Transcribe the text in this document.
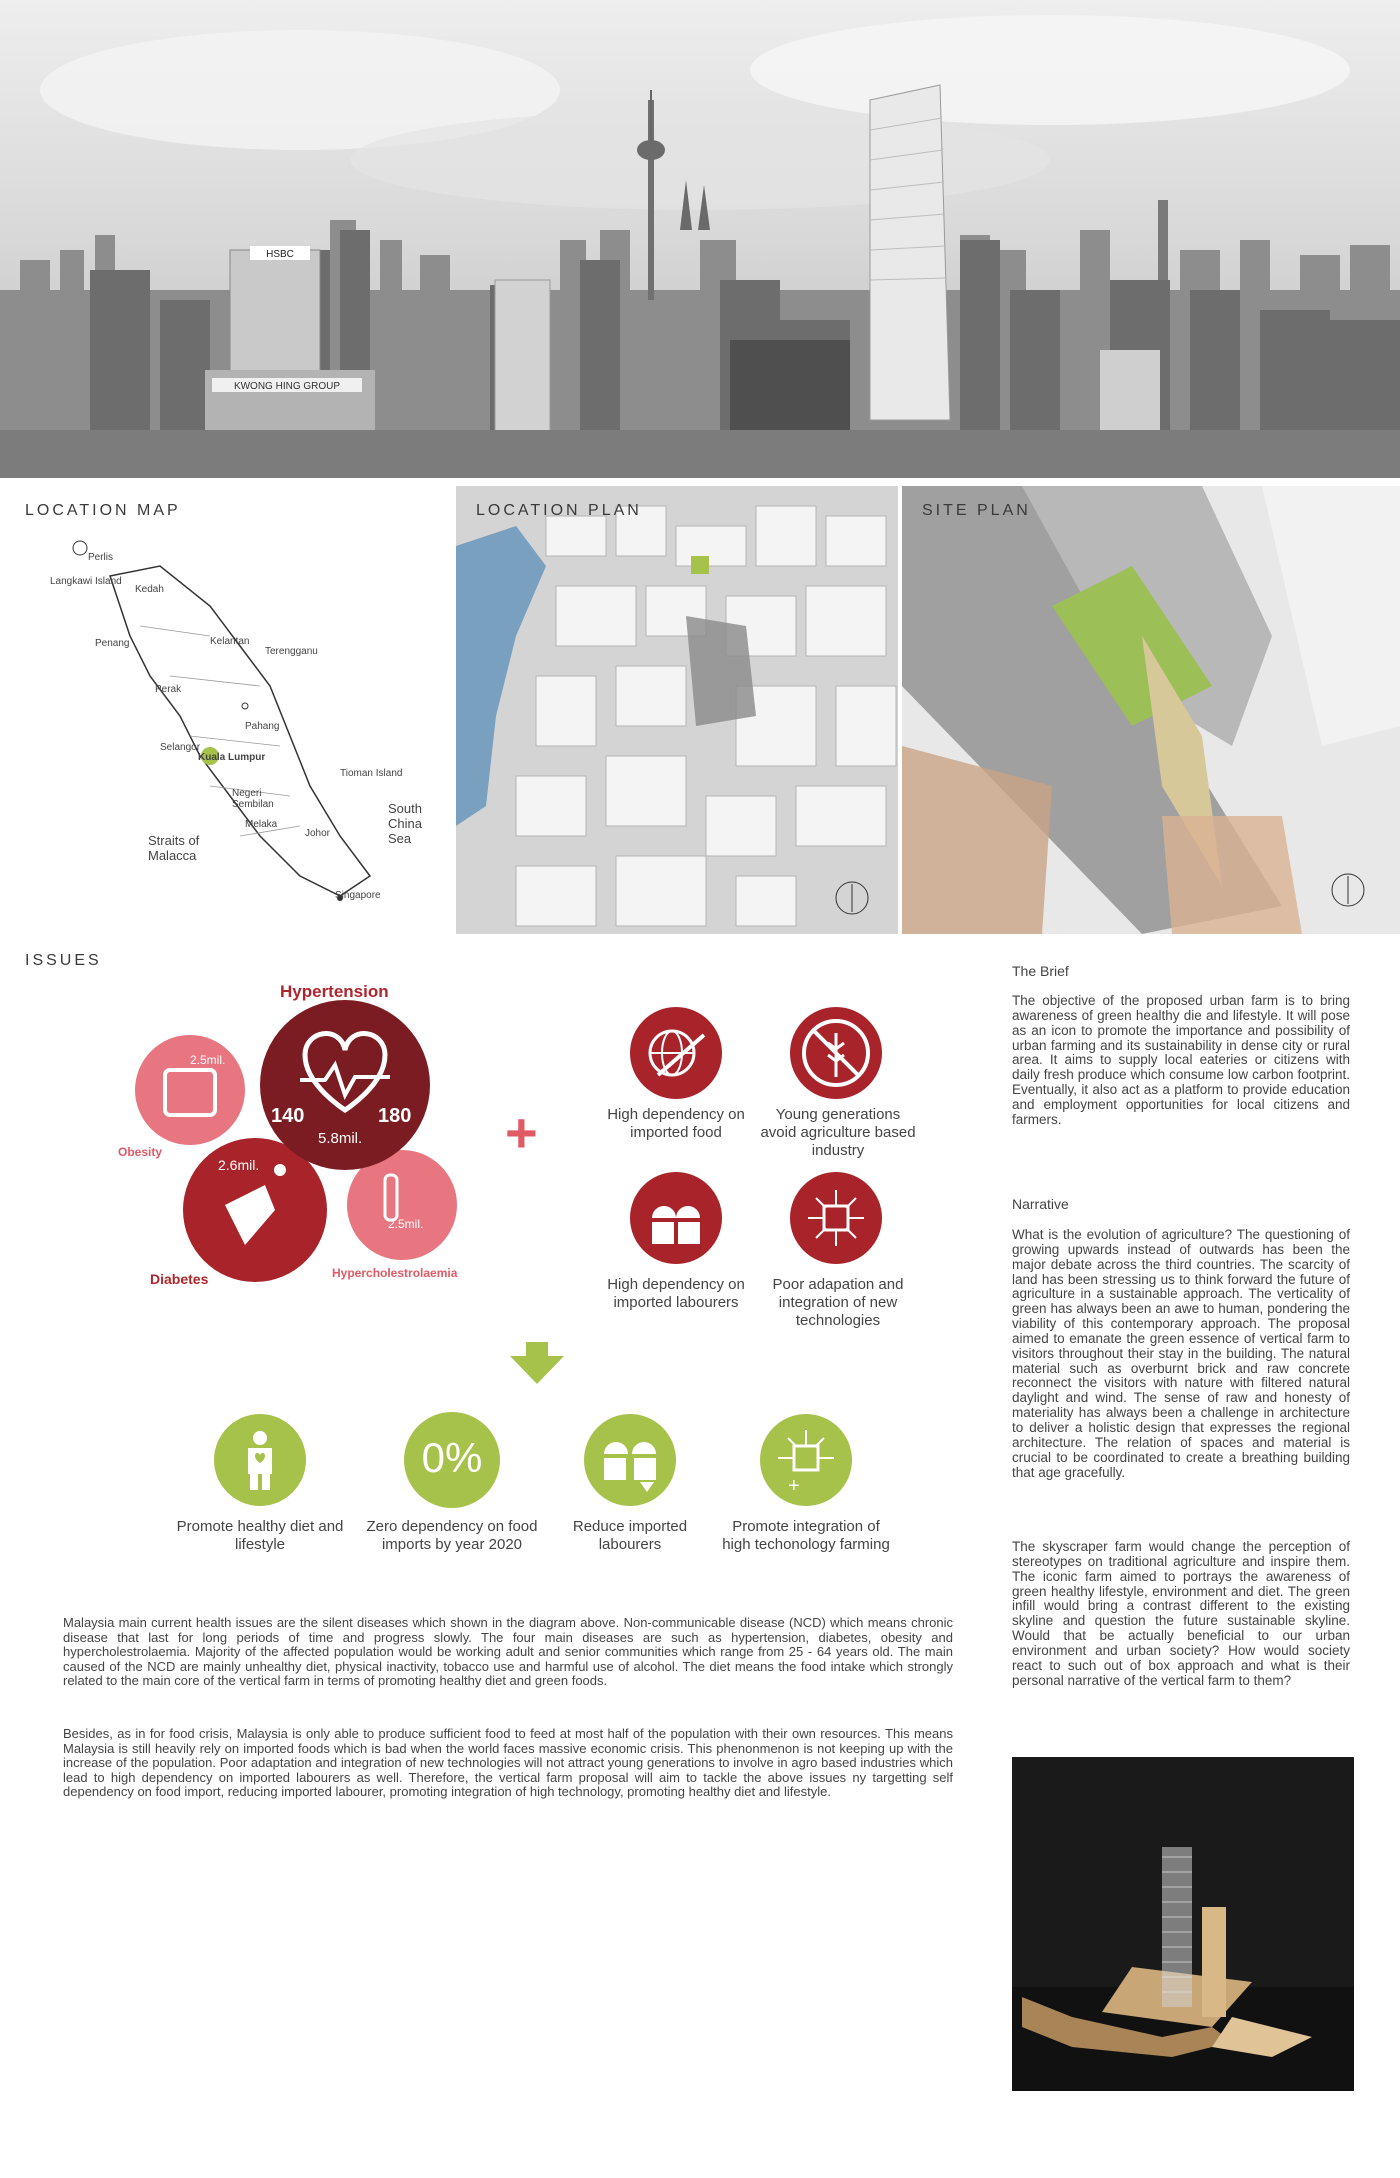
HSBC
KWONG HING GROUP
LOCATION MAP
Langkawi Island
Perlis
Kedah
Penang	Kelantan
Terengganu
Perak
Pahang
Selangor
Kuala Lumpur
Tioman Island
Negeri Sembilan
Melaka
Johor
Singapore
South China Sea
Straits of Malacca
LOCATION PLAN	SITE PLAN
ISSUES
Hypertension
140	180
5.8mil.
2.5mil.
Obesity
2.6mil.
Diabetes
2.5mil.
Hypercholestrolaemia
+	High dependency on imported food
Young generations avoid agriculture based industry
High dependency on imported labourers
Poor adapation and integration of new technologies
Promote healthy diet and lifestyle
0%
Zero dependency on food imports by year 2020
Reduce imported labourers
+
Promote integration of high techonology farming
Malaysia main current health issues are the silent diseases which shown in the diagram above. Non-communicable disease (NCD) which means chronic disease that last for long periods of time and progress slowly. The four main diseases are such as hypertension, diabetes, obesity and hypercholestrolaemia. Majority of the affected population would be working adult and senior communities which range from 25 - 64 years old. The main caused of the NCD are mainly unhealthy diet, physical inactivity, tobacco use and harmful use of alcohol. The diet means the food intake which strongly related to the main core of the vertical farm in terms of promoting healthy diet and green foods.
Besides, as in for food crisis, Malaysia is only able to produce sufficient food to feed at most half of the population with their own resources. This means Malaysia is still heavily rely on imported foods which is bad when the world faces massive economic crisis. This phenonmenon is not keeping up with the increase of the population. Poor adaptation and integration of new technologies will not attract young generations to involve in agro based industries which lead to high dependency on imported labourers as well. Therefore, the vertical farm proposal will aim to tackle the above issues ny targetting self dependency on food import, reducing imported labourer, promoting integration of high technology, promoting healthy diet and lifestyle.
The Brief
The objective of the proposed urban farm is to bring awareness of green healthy die and lifestyle. It will pose as an icon to promote the importance and possibility of urban farming and its sustainability in dense city or rural area. It aims to supply local eateries or citizens with daily fresh produce which consume low carbon footprint. Eventually, it also act as a platform to provide education and employment opportunities for local citizens and farmers.
Narrative
What is the evolution of agriculture? The questioning of growing upwards instead of outwards has been the major debate across the third countries. The scarcity of land has been stressing us to think forward the future of agriculture in a sustainable approach. The verticality of green has always been an awe to human, pondering the viability of this contemporary approach. The proposal aimed to emanate the green essence of vertical farm to visitors throughout their stay in the building. The natural material such as overburnt brick and raw concrete reconnect the visitors with nature with filtered natural daylight and wind. The sense of raw and honesty of materiality has always been a challenge in architecture to deliver a holistic design that expresses the regional architecture. The relation of spaces and material is crucial to be coordinated to create a breathing building that age gracefully.
The skyscraper farm would change the perception of stereotypes on traditional agriculture and inspire them. The iconic farm aimed to portrays the awareness of green healthy lifestyle, environment and diet. The green infill would bring a contrast different to the existing skyline and question the future sustainable skyline. Would that be actually beneficial to our urban environment and urban society? How would society react to such out of box approach and what is their personal narrative of the vertical farm to them?
